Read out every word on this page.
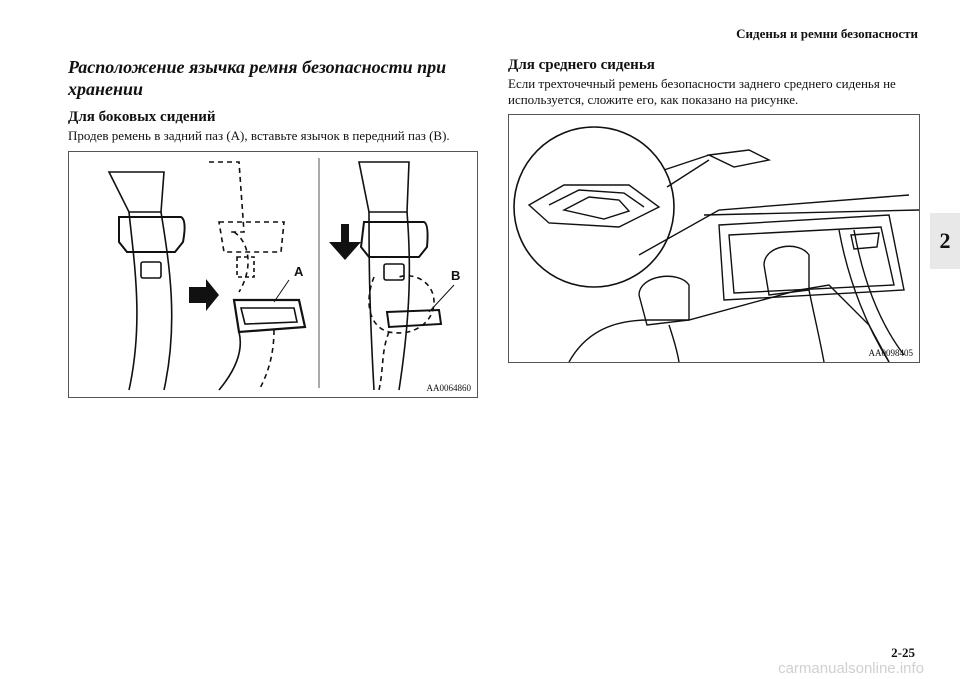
Сиденья и ремни безопасности
2
Расположение язычка ремня безопасности при хранении
Для боковых сидений

Продев ремень в задний паз (A), вставьте язычок в передний паз (B).

A	B
AA0064860
Для среднего сиденья

Если трехточечный ремень безопасности заднего среднего сиденья не используется, сложите его, как показано на рисунке.

AA0098405
2-25
carmanualsonline.info
